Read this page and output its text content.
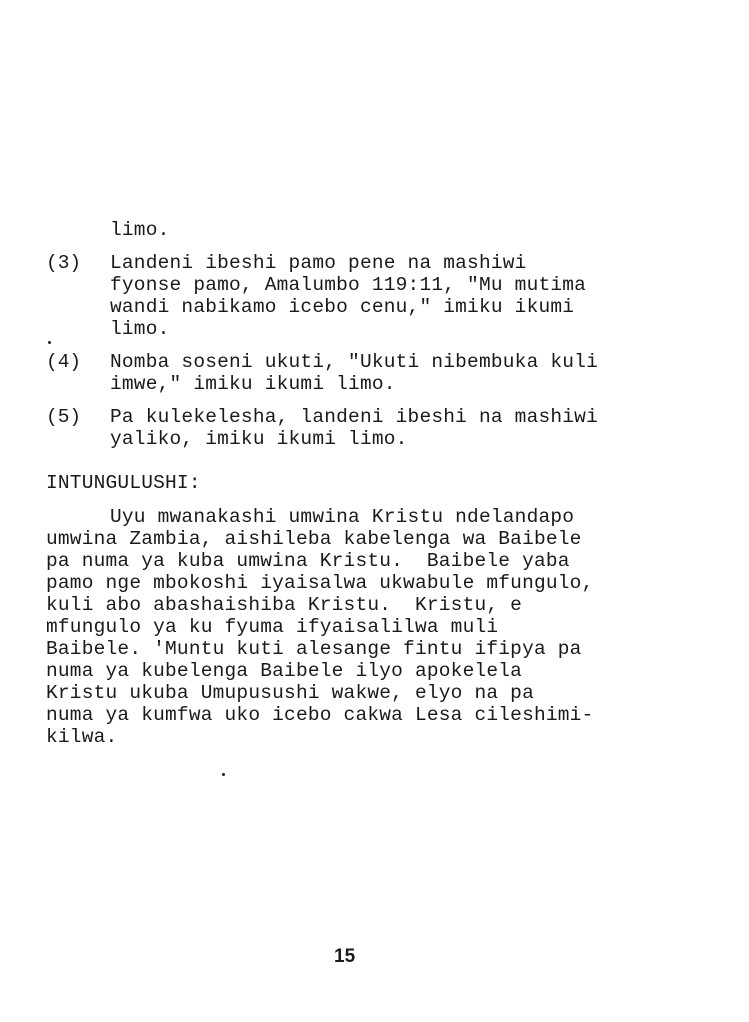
limo.
(3) Landeni ibeshi pamo pene na mashiwi
fyonse pamo, Amalumbo 119:11, "Mu mutima
wandi nabikamo icebo cenu," imiku ikumi
limo.
(4) Nomba soseni ukuti, "Ukuti nibembuka kuli
imwe," imiku ikumi limo.
(5) Pa kulekelesha, landeni ibeshi na mashiwi
yaliko, imiku ikumi limo.
INTUNGULUSHI:
Uyu mwanakashi umwina Kristu ndelandapo
umwina Zambia, aishileba kabelenga wa Baibele
pa numa ya kuba umwina Kristu.  Baibele yaba
pamo nge mbokoshi iyaisalwa ukwabule mfungulo,
kuli abo abashaishiba Kristu.  Kristu, e
mfungulo ya ku fyuma ifyaisalilwa muli
Baibele. 'Muntu kuti alesange fintu ifipya pa
numa ya kubelenga Baibele ilyo apokelela
Kristu ukuba Umupusushi wakwe, elyo na pa
numa ya kumfwa uko icebo cakwa Lesa cileshimi-
kilwa.
15
